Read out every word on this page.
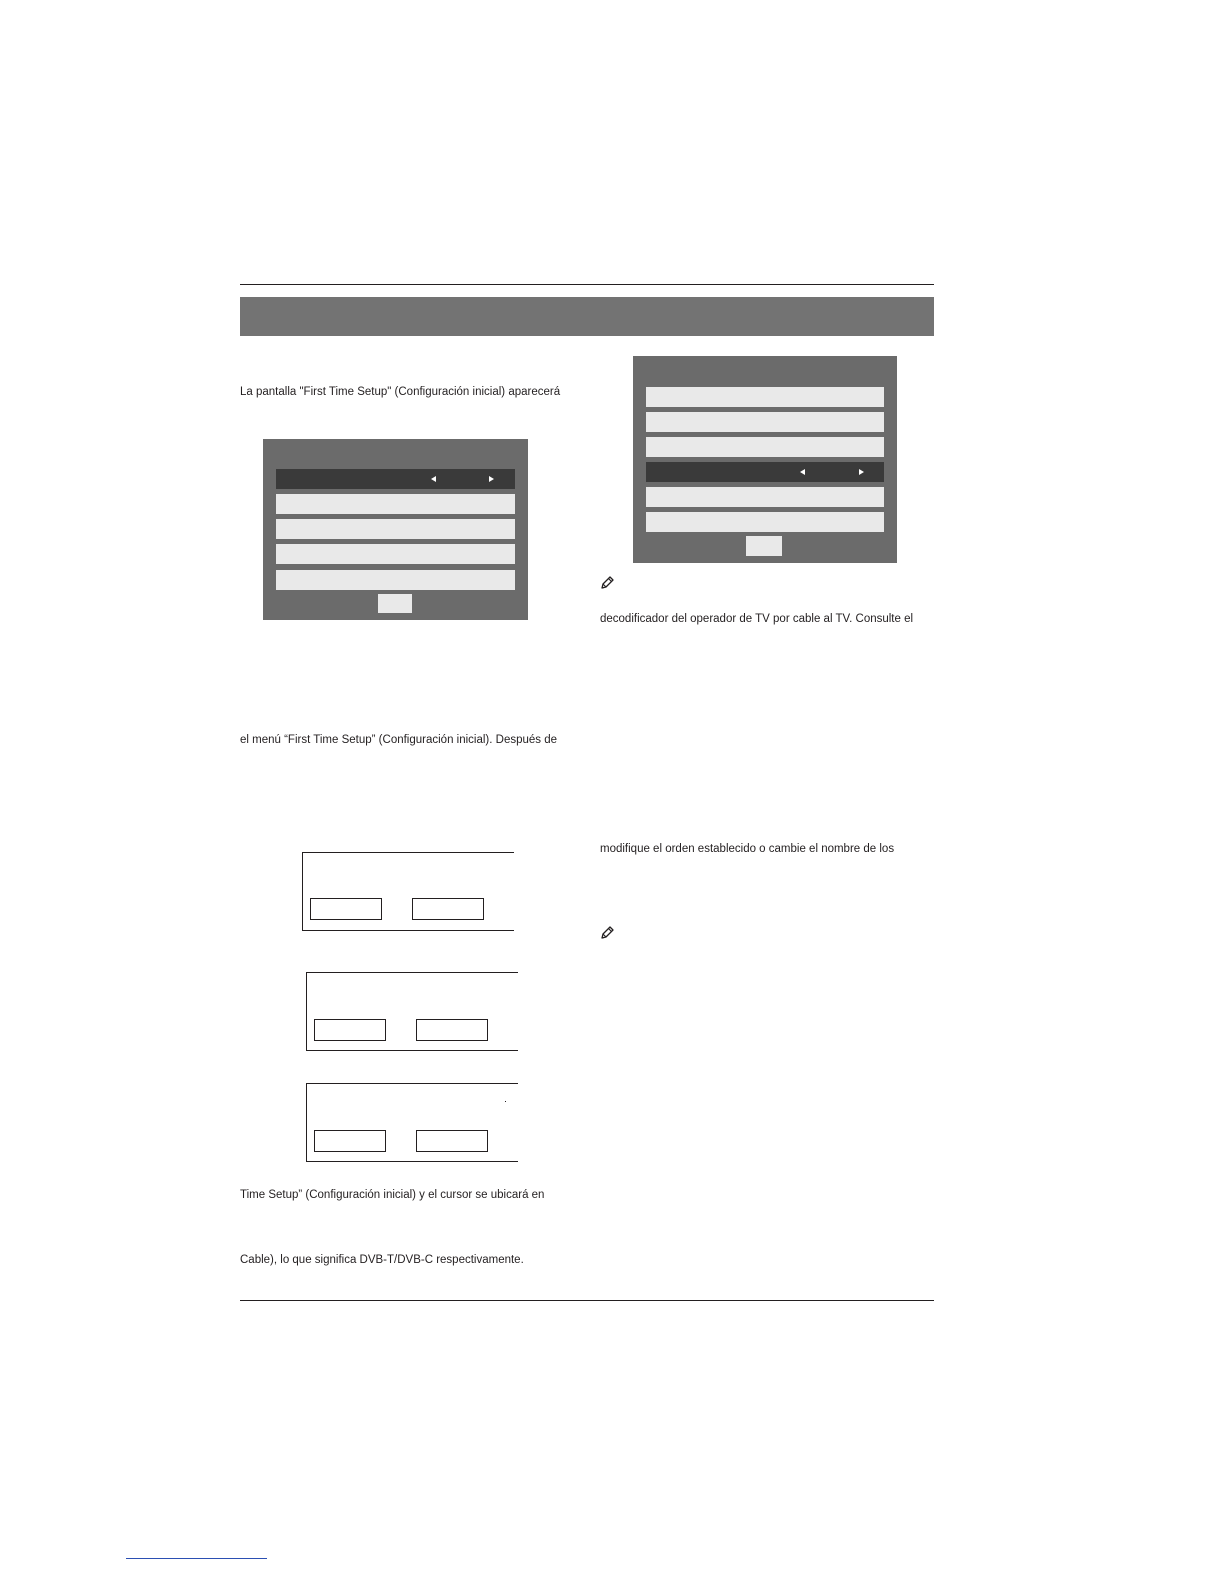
La pantalla "First Time Setup" (Configuración inicial) aparecerá
el menú “First Time Setup” (Configuración inicial). Después de
Time Setup” (Configuración inicial) y el cursor se ubicará en
Cable), lo que significa DVB-T/DVB-C respectivamente.
decodificador del operador de TV por cable al TV. Consulte el
modifique el orden establecido o cambie el nombre de los
